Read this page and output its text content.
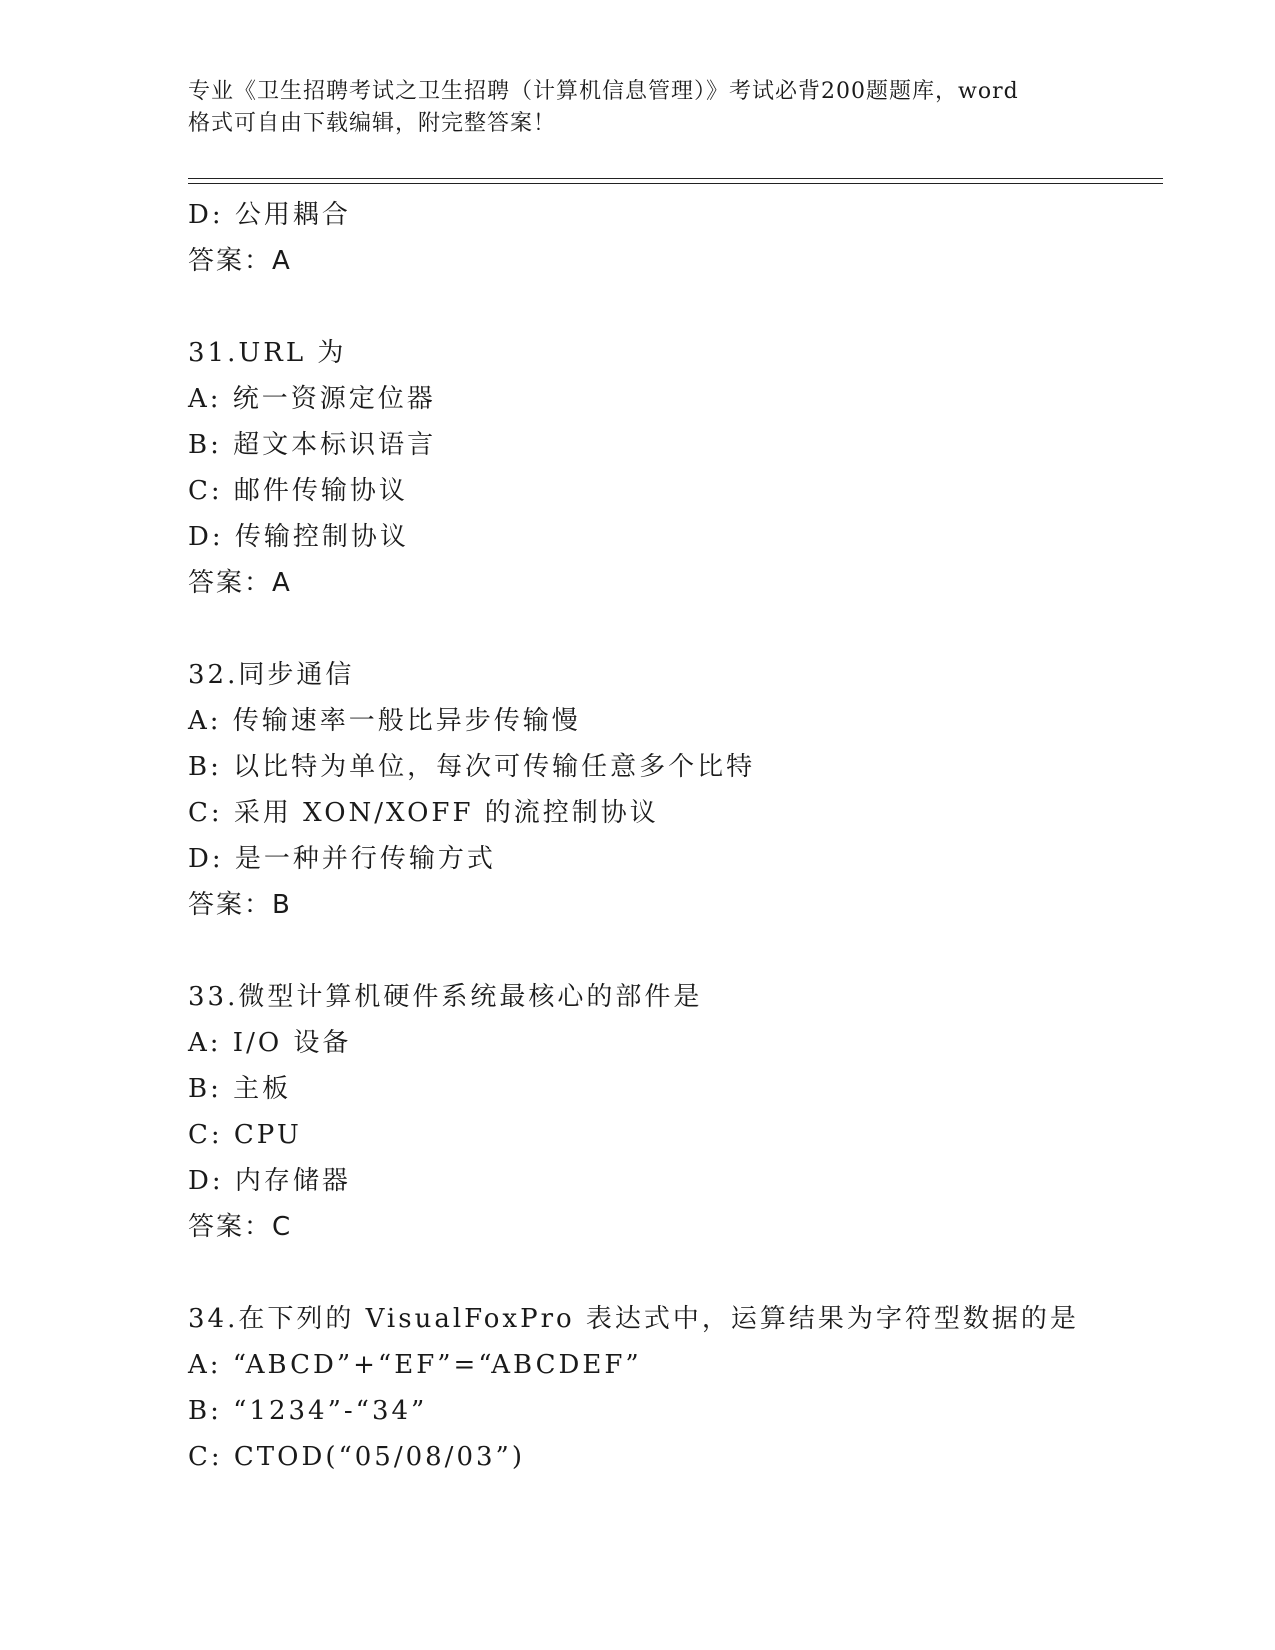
专业《卫生招聘考试之卫生招聘（计算机信息管理）》考试必背200题题库，word
格式可自由下载编辑，附完整答案！
D: 公用耦合
答案：A
31.URL 为
A: 统一资源定位器
B: 超文本标识语言
C: 邮件传输协议
D: 传输控制协议
答案：A
32.同步通信
A: 传输速率一般比异步传输慢
B: 以比特为单位，每次可传输任意多个比特
C: 采用 XON/XOFF 的流控制协议
D: 是一种并行传输方式
答案：B
33.微型计算机硬件系统最核心的部件是
A: I/O 设备
B: 主板
C: CPU
D: 内存储器
答案：C
34.在下列的 VisualFoxPro 表达式中，运算结果为字符型数据的是
A: “ABCD”+“EF”=“ABCDEF”
B: “1234”-“34”
C: CTOD(“05/08/03”)
